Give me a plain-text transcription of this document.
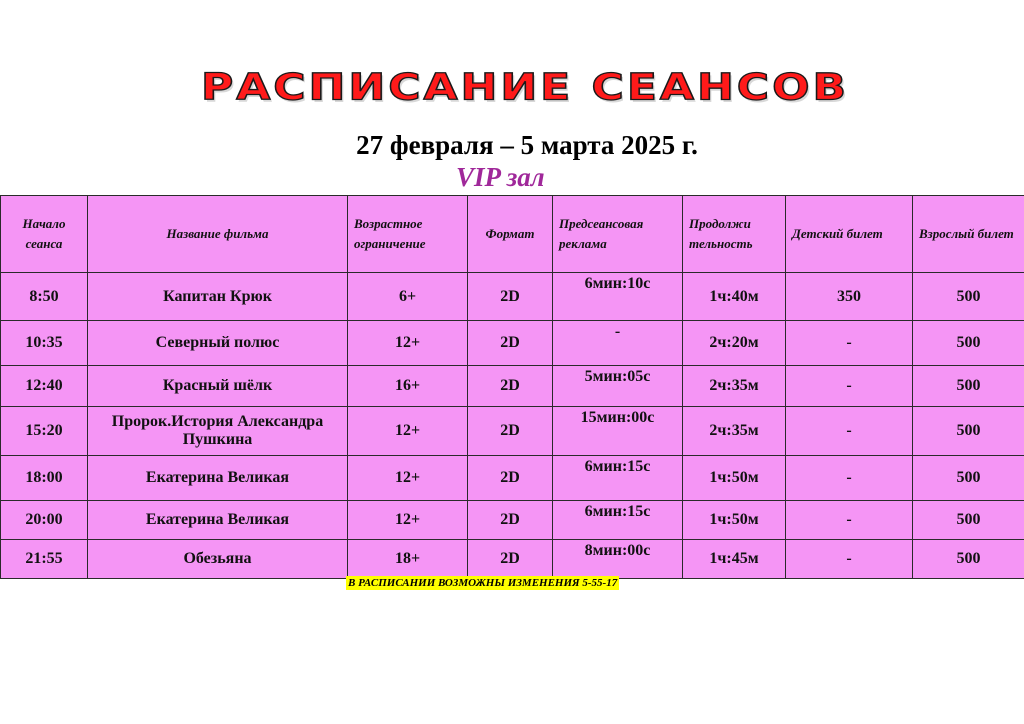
РАСПИСАНИЕ СЕАНСОВ
27 февраля – 5 марта 2025 г.
VIP зал
Начало сеанса	Название фильма	Возрастное ограничение	Формат	Предсеансовая реклама	Продолжи тельность	Детский билет	Взрослый билет
8:50	Капитан Крюк	6+	2D	6мин:10с	1ч:40м	350	500
10:35	Северный полюс	12+	2D	-	2ч:20м	-	500
12:40	Красный шёлк	16+	2D	5мин:05с	2ч:35м	-	500
15:20	Пророк.История Александра Пушкина	12+	2D	15мин:00с	2ч:35м	-	500
18:00	Екатерина Великая	12+	2D	6мин:15с	1ч:50м	-	500
20:00	Екатерина Великая	12+	2D	6мин:15с	1ч:50м	-	500
21:55	Обезьяна	18+	2D	8мин:00с	1ч:45м	-	500
В РАСПИСАНИИ ВОЗМОЖНЫ ИЗМЕНЕНИЯ 5-55-17
